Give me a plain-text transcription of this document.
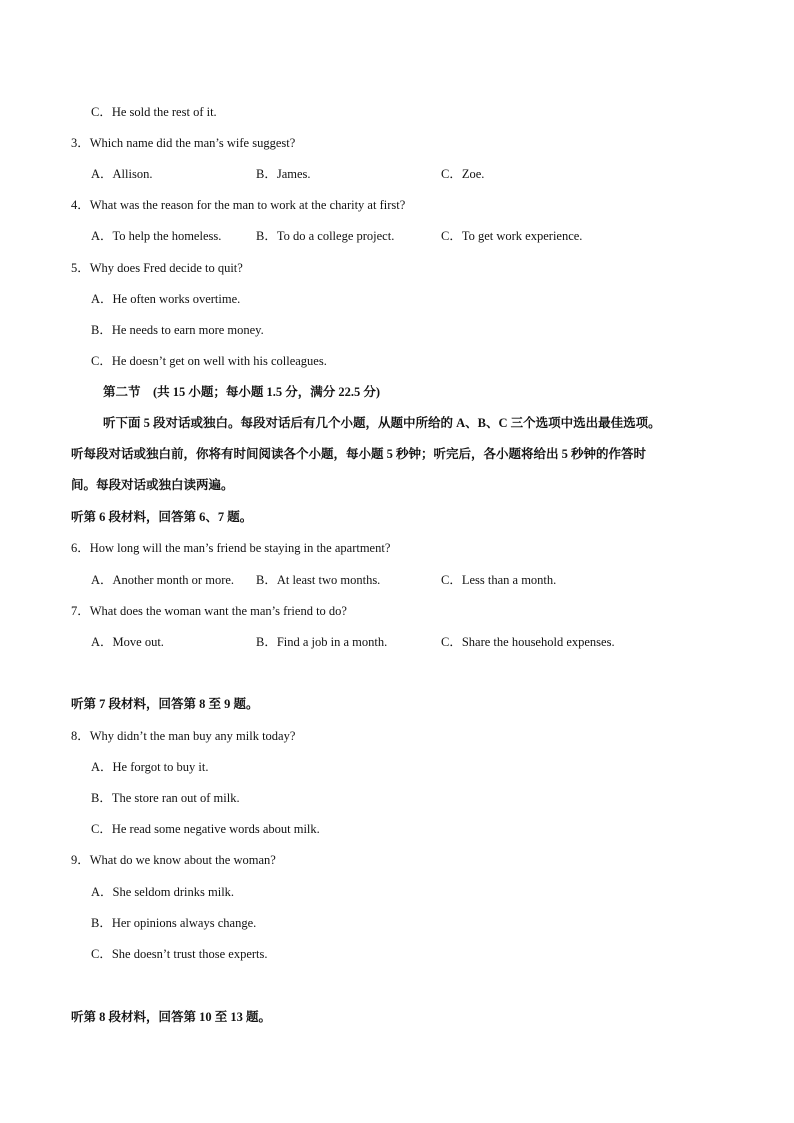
C．He sold the rest of it.
3．Which name did the man’s wife suggest?
A．Allison.	B．James.	C．Zoe.
4．What was the reason for the man to work at the charity at first?
A．To help the homeless.	B．To do a college project.	C．To get work experience.
5．Why does Fred decide to quit?
A．He often works overtime.
B．He needs to earn more money.
C．He doesn’t get on well with his colleagues.
第二节　(共 15 小题；每小题 1.5 分，满分 22.5 分)
听下面 5 段对话或独白。每段对话后有几个小题，从题中所给的 A、B、C 三个选项中选出最佳选项。
听每段对话或独白前，你将有时间阅读各个小题，每小题 5 秒钟；听完后，各小题将给出 5 秒钟的作答时
间。每段对话或独白读两遍。
听第 6 段材料，回答第 6、7 题。
6．How long will the man’s friend be staying in the apartment?
A．Another month or more. B．At least two months.	C．Less than a month.
7．What does the woman want the man’s friend to do?
A．Move out.	B．Find a job in a month.	C．Share the household expenses.
听第 7 段材料，回答第 8 至 9 题。
8．Why didn’t the man buy any milk today?
A．He forgot to buy it.
B．The store ran out of milk.
C．He read some negative words about milk.
9．What do we know about the woman?
A．She seldom drinks milk.
B．Her opinions always change.
C．She doesn’t trust those experts.
听第 8 段材料，回答第 10 至 13 题。
